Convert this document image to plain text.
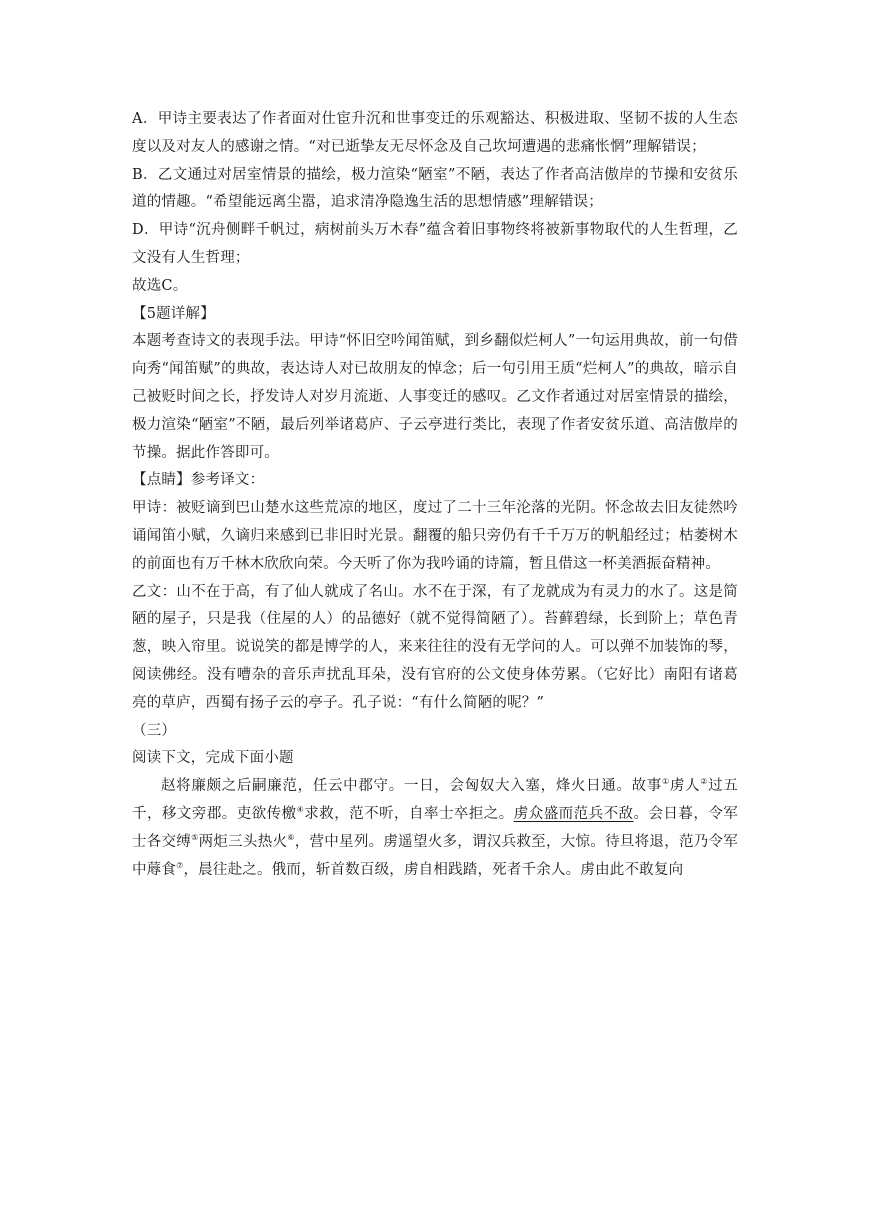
A．甲诗主要表达了作者面对仕宦升沉和世事变迁的乐观豁达、积极进取、坚韧不拔的人生态度以及对友人的感谢之情。“对已逝挚友无尽怀念及自己坎坷遭遇的悲痛怅惘”理解错误；

B．乙文通过对居室情景的描绘，极力渲染“陋室”不陋，表达了作者高洁傲岸的节操和安贫乐道的情趣。“希望能远离尘嚣，追求清净隐逸生活的思想情感”理解错误；

D．甲诗“沉舟侧畔千帆过，病树前头万木春”蕴含着旧事物终将被新事物取代的人生哲理，乙文没有人生哲理；

故选C。

【5题详解】

本题考查诗文的表现手法。甲诗“怀旧空吟闻笛赋，到乡翻似烂柯人”一句运用典故，前一句借向秀“闻笛赋”的典故，表达诗人对已故朋友的悼念；后一句引用王质“烂柯人”的典故，暗示自己被贬时间之长，抒发诗人对岁月流逝、人事变迁的感叹。乙文作者通过对居室情景的描绘，极力渲染“陋室”不陋，最后列举诸葛庐、子云亭进行类比，表现了作者安贫乐道、高洁傲岸的节操。据此作答即可。

【点睛】参考译文：

甲诗：被贬谪到巴山楚水这些荒凉的地区，度过了二十三年沦落的光阴。怀念故去旧友徒然吟诵闻笛小赋，久谪归来感到已非旧时光景。翻覆的船只旁仍有千千万万的帆船经过；枯萎树木的前面也有万千林木欣欣向荣。今天听了你为我吟诵的诗篇，暂且借这一杯美酒振奋精神。

乙文：山不在于高，有了仙人就成了名山。水不在于深，有了龙就成为有灵力的水了。这是简陋的屋子，只是我（住屋的人）的品德好（就不觉得简陋了）。苔藓碧绿，长到阶上；草色青葱，映入帘里。说说笑的都是博学的人，来来往往的没有无学问的人。可以弹不加装饰的琴，阅读佛经。没有嘈杂的音乐声扰乱耳朵，没有官府的公文使身体劳累。（它好比）南阳有诸葛亮的草庐，西蜀有扬子云的亭子。孔子说：“有什么简陋的呢？”

（三）

阅读下文，完成下面小题

赵将廉颇之后嗣廉范，任云中郡守。一日，会匈奴大入塞，烽火日通。故事①虏人②过五千，移文旁郡。吏欲传檄④求救，范不听，自率士卒拒之。虏众盛而范兵不敌。会日暮，令军士各交缚⑤两炬三头热火⑥，营中星列。虏遥望火多，谓汉兵救至，大惊。待旦将退，范乃令军中蓐食⑦，晨往赴之。俄而，斩首数百级，虏自相践踏，死者千余人。虏由此不敢复向
